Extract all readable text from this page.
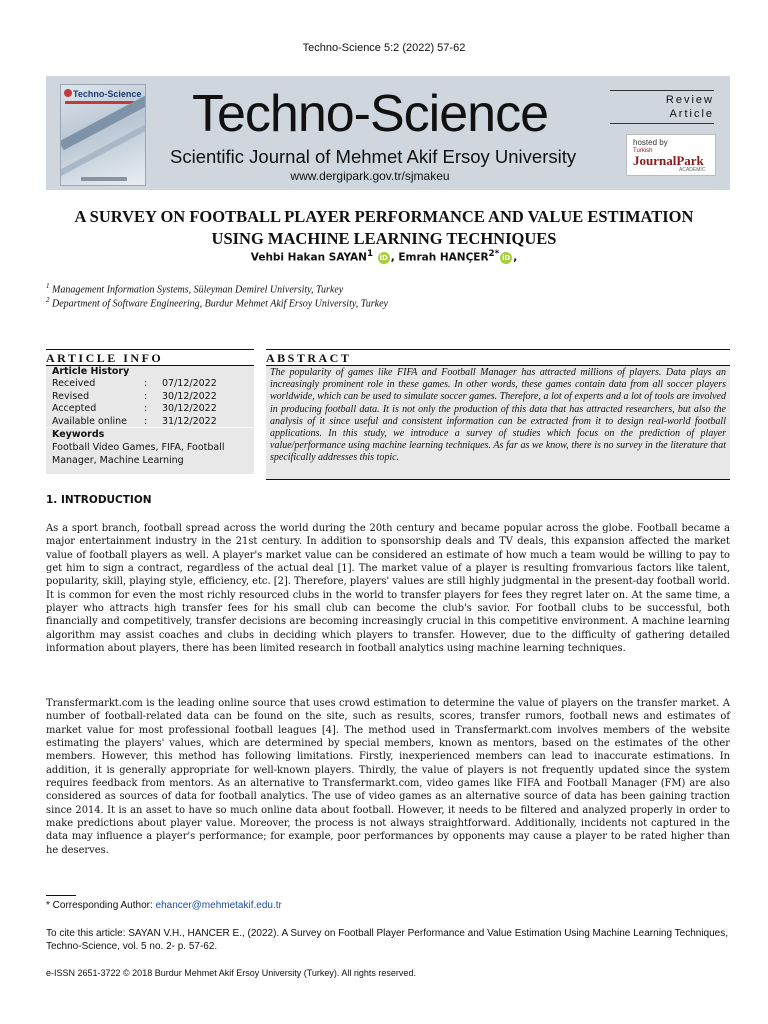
Techno-Science 5:2 (2022) 57-62
Techno-Science Techno-Science
Scientific Journal of Mehmet Akif Ersoy University
www.dergipark.gov.tr/sjmakeu
Review
Article
hosted by
Turkish
JournalPark
ACADEMIC
A SURVEY ON FOOTBALL PLAYER PERFORMANCE AND VALUE ESTIMATION USING MACHINE LEARNING TECHNIQUES
Vehbi Hakan SAYAN$^1$ iD , Emrah $HANÇER^{2*}$ iD ,
$^1$ Management Information Systems, Süleyman Demirel University, Turkey
$^2$ Department of Software Engineering, Burdur Mehmet Akif Ersoy University, Turkey
ARTICLE INFO	ABSTRACT
Article History
Received	:	07/12/2022
Revised	:	30/12/2022
Accepted	:	30/12/2022
Available online	:	31/12/2022
Keywords
Football Video Games, FIFA, Football Manager, Machine Learning
The popularity of games like FIFA and Football Manager has attracted millions of players. Data plays an increasingly prominent role in these games. In other words, these games contain data from all soccer players worldwide, which can be used to simulate soccer games. Therefore, a lot of experts and a lot of tools are involved in producing football data. It is not only the production of this data that has attracted researchers, but also the analysis of it since useful and consistent information can be extracted from it to design real-world football applications. In this study, we introduce a survey of studies which focus on the prediction of player value/performance using machine learning techniques. As far as we know, there is no survey in the literature that specifically addresses this topic.
1. INTRODUCTION
As a sport branch, football spread across the world during the 20th century and became popular across the globe. Football became a major entertainment industry in the 21st century. In addition to sponsorship deals and TV deals, this expansion affected the market value of football players as well. A player's market value can be considered an estimate of how much a team would be willing to pay to get him to sign a contract, regardless of the actual deal [1]. The market value of a player is resulting fromvarious factors like talent, popularity, skill, playing style, efficiency, etc. [2]. Therefore, players' values are still highly judgmental in the present-day football world. It is common for even the most richly resourced clubs in the world to transfer players for fees they regret later on. At the same time, a player who attracts high transfer fees for his small club can become the club's savior. For football clubs to be successful, both financially and competitively, transfer decisions are becoming increasingly crucial in this competitive environment. A machine learning algorithm may assist coaches and clubs in deciding which players to transfer. However, due to the difficulty of gathering detailed information about players, there has been limited research in football analytics using machine learning techniques.
Transfermarkt.com is the leading online source that uses crowd estimation to determine the value of players on the transfer market. A number of football-related data can be found on the site, such as results, scores, transfer rumors, football news and estimates of market value for most professional football leagues [4]. The method used in Transfermarkt.com involves members of the website estimating the players' values, which are determined by special members, known as mentors, based on the estimates of the other members. However, this method has following limitations. Firstly, inexperienced members can lead to inaccurate estimations. In addition, it is generally appropriate for well-known players. Thirdly, the value of players is not frequently updated since the system requires feedback from mentors. As an alternative to Transfermarkt.com, video games like FIFA and Football Manager (FM) are also considered as sources of data for football analytics. The use of video games as an alternative source of data has been gaining traction since 2014. It is an asset to have so much online data about football. However, it needs to be filtered and analyzed properly in order to make predictions about player value. Moreover, the process is not always straightforward. Additionally, incidents not captured in the data may influence a player's performance; for example, poor performances by opponents may cause a player to be rated higher than he deserves.
* Corresponding Author: ehancer@mehmetakif.edu.tr
To cite this article: SAYAN V.H., HANCER E., (2022). A Survey on Football Player Performance and Value Estimation Using Machine Learning Techniques, Techno-Science, vol. 5 no. 2- p. 57-62.
e-ISSN 2651-3722 © 2018 Burdur Mehmet Akif Ersoy University (Turkey). All rights reserved.
